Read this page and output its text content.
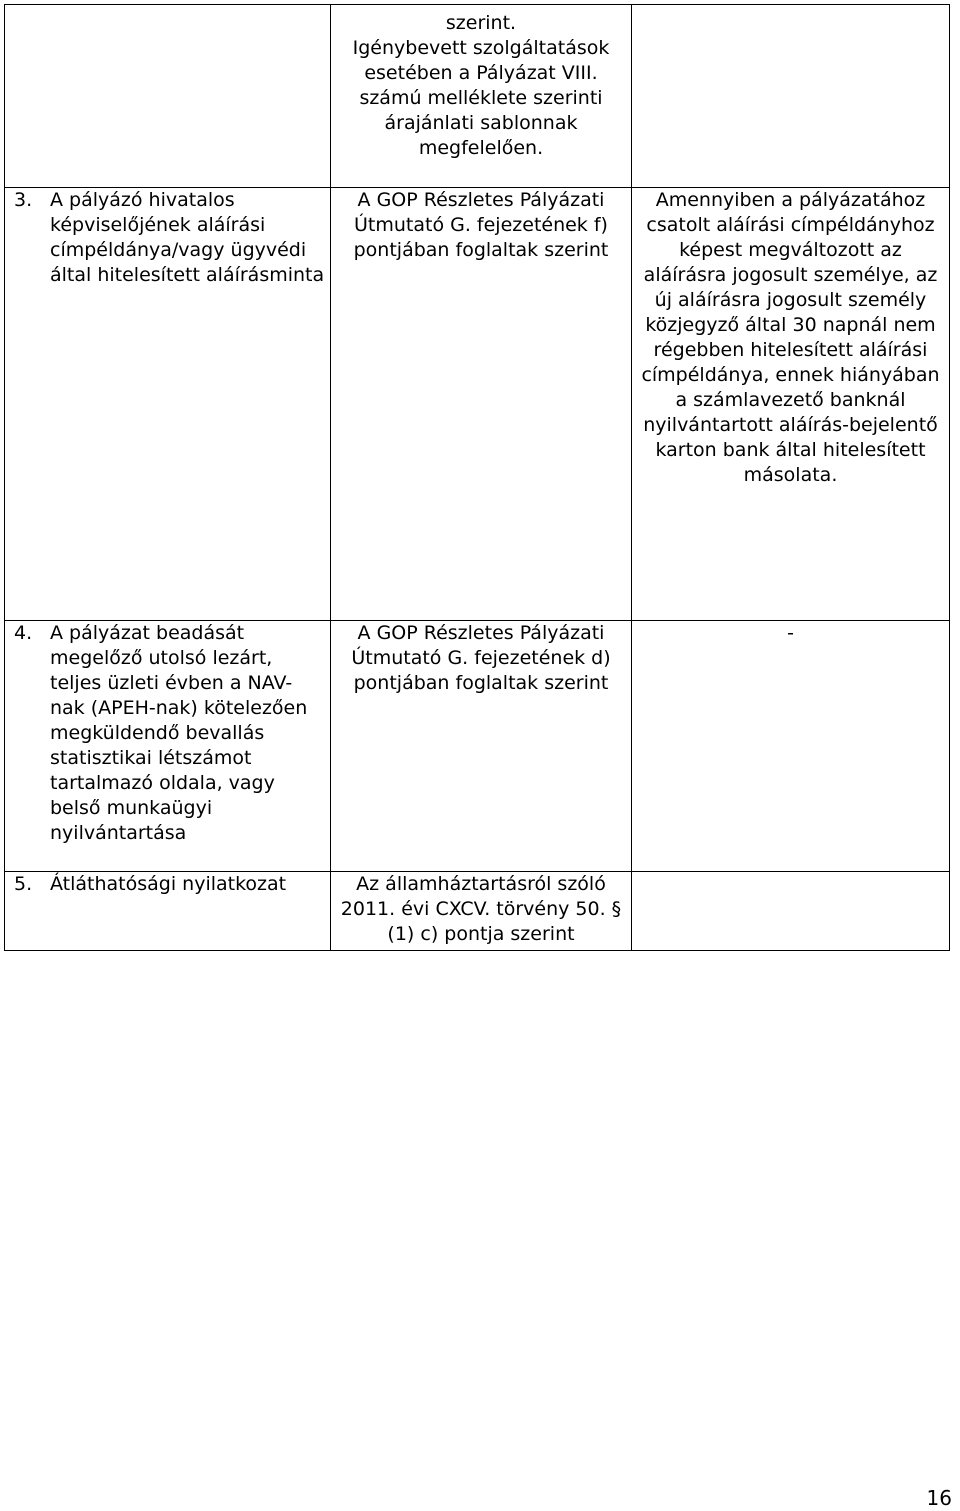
	szerint.
Igénybevett szolgáltatások esetében a Pályázat VIII. számú melléklete szerinti árajánlati sablonnak megfelelően.	

3. A pályázó hivatalos képviselőjének aláírási címpéldánya/vagy ügyvédi által hitelesített aláírásminta	A GOP Részletes Pályázati Útmutató G. fejezetének f) pontjában foglaltak szerint	Amennyiben a pályázatához csatolt aláírási címpéldányhoz képest megváltozott az aláírásra jogosult személye, az új aláírásra jogosult személy közjegyző által 30 napnál nem régebben hitelesített aláírási címpéldánya, ennek hiányában a számlavezető banknál nyilvántartott aláírás-bejelentő karton bank által hitelesített másolata.

4. A pályázat beadását megelőző utolsó lezárt, teljes üzleti évben a NAV-nak (APEH-nak) kötelezően megküldendő bevallás statisztikai létszámot tartalmazó oldala, vagy belső munkaügyi nyilvántartása	A GOP Részletes Pályázati Útmutató G. fejezetének d) pontjában foglaltak szerint	-

5. Átláthatósági nyilatkozat	Az államháztartásról szóló 2011. évi CXCV. törvény 50. § (1) c) pontja szerint	
16
